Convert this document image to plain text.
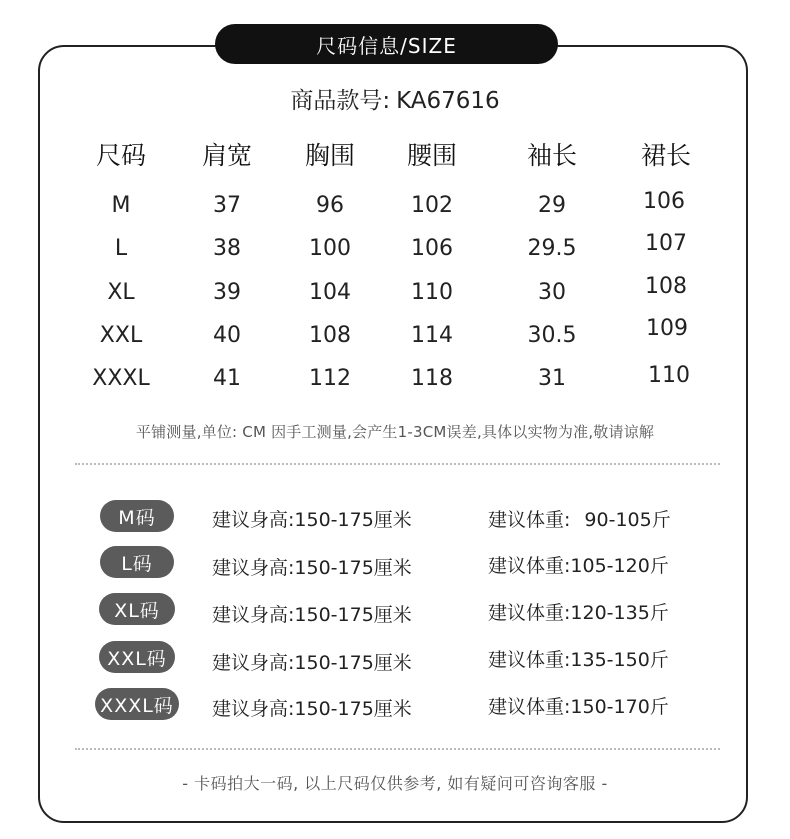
尺码信息/SIZE
商品款号: KA67616
尺码	肩宽	胸围	腰围	袖长	裙长
M	37	96	102	29	106
L	38	100	106	29.5	107
XL	39	104	110	30	108
XXL	40	108	114	30.5	109
XXXL	41	112	118	31	110
平铺测量,单位: CM 因手工测量,会产生1-3CM误差,具体以实物为准,敬请谅解
M码	建议身高:150-175厘米	建议体重: 90-105斤
L码	建议身高:150-175厘米	建议体重:105-120斤
XL码	建议身高:150-175厘米	建议体重:120-135斤
XXL码	建议身高:150-175厘米	建议体重:135-150斤
XXXL码 建议身高:150-175厘米	建议体重:150-170斤
- 卡码拍大一码, 以上尺码仅供参考, 如有疑问可咨询客服 -
